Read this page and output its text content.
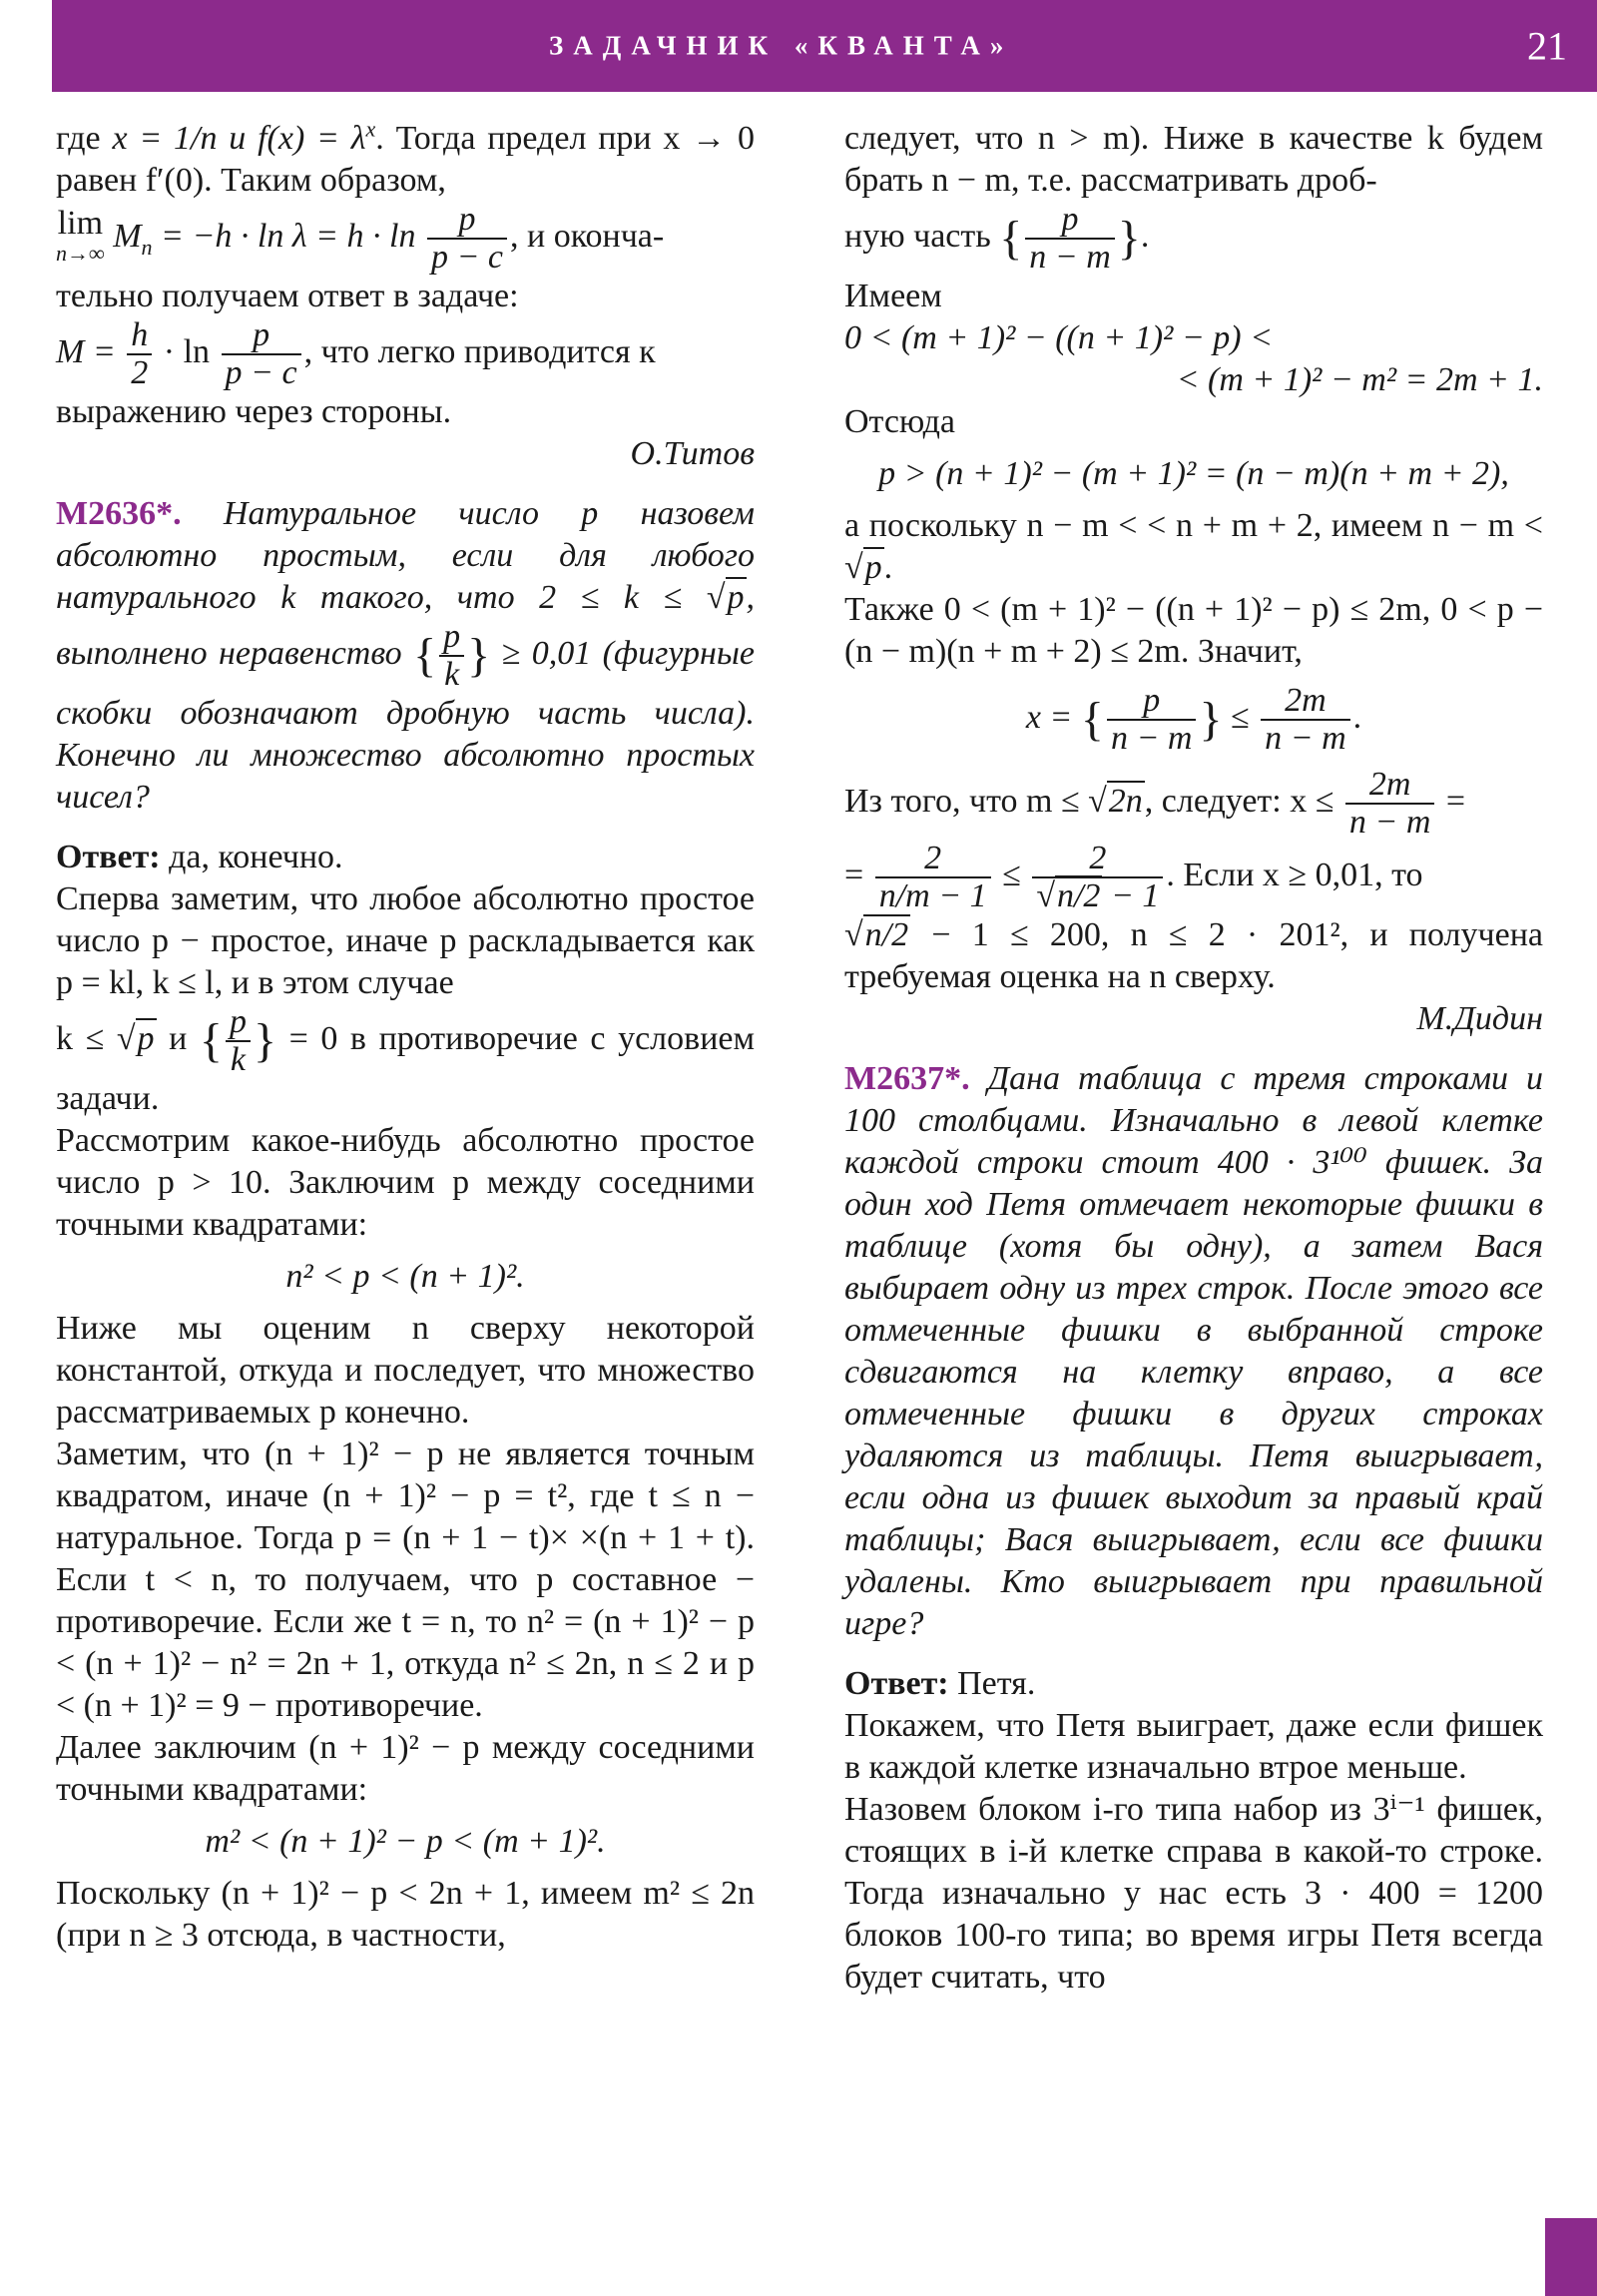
ЗАДАЧНИК «КВАНТА»	21

где x = 1/n и $f(x) = \lambda^x$. Тогда предел при x → 0 равен f′(0). Таким образом,

lim
n→∞ $M_n = -h \cdot \ln \lambda = h \cdot \ln \frac{p}{p - c}$ , и оконча-

тельно получаем ответ в задаче:

$M = \frac{h}{2} \cdot \ln \frac{p}{p - c}$ , что легко приводится к

выражению через стороны.

О.Титов

М2636*. Натуральное число p назовем абсолютно простым, если для любого натурального k такого, что 2 ≤ k ≤ √p, выполнено неравенство { $\frac{p}{k}$ } ≥ 0,01 (фигурные скобки обозначают дробную часть числа). Конечно ли множество абсолютно простых чисел?

Ответ: да, конечно.

Сперва заметим, что любое абсолютно простое число p − простое, иначе p раскладывается как p = kl, k ≤ l, и в этом случае

k ≤ √p и { $\frac{p}{k}$ } = 0 в противоречие с условием задачи.

Рассмотрим какое-нибудь абсолютно простое число p > 10. Заключим p между соседними точными квадратами:

n² < p < (n + 1)².

Ниже мы оценим n сверху некоторой константой, откуда и последует, что множество рассматриваемых p конечно.

Заметим, что (n + 1)² − p не является точным квадратом, иначе (n + 1)² − p = t², где t ≤ n − натуральное. Тогда p = (n + 1 − t)× ×(n + 1 + t). Если t < n, то получаем, что p составное − противоречие. Если же t = n, то n² = (n + 1)² − p < (n + 1)² − n² = 2n + 1, откуда n² ≤ 2n, n ≤ 2 и p < (n + 1)² = 9 − противоречие.

Далее заключим (n + 1)² − p между соседними точными квадратами:

m² < (n + 1)² − p < (m + 1)².

Поскольку (n + 1)² − p < 2n + 1, имеем m² ≤ 2n (при n ≥ 3 отсюда, в частности,

следует, что n > m). Ниже в качестве k будем брать n − m, т.е. рассматривать дроб-

ную часть { $\frac{p}{n - m}$ }.

Имеем

0 < (m + 1)² − ((n + 1)² − p) <

< (m + 1)² − m² = 2m + 1.

Отсюда

p > (n + 1)² − (m + 1)² = (n − m)(n + m + 2),

а поскольку n − m < < n + m + 2, имеем n − m < √p.

Также 0 < (m + 1)² − ((n + 1)² − p) ≤ 2m, 0 < p − (n − m)(n + m + 2) ≤ 2m. Значит,

x = { $\frac{p}{n - m}$ } ≤ $\frac{2m}{n - m}$ .

Из того, что m ≤ √2n, следует: $x \le \frac{2m}{n - m}$ =

= $\frac{2}{n/m - 1} \le \frac{2}{√n/2 - 1}$ . Если x ≥ 0,01, то

√n/2 − 1 ≤ 200, n ≤ 2 · 201², и получена требуемая оценка на n сверху.

М.Дидин

М2637*. Дана таблица с тремя строками и 100 столбцами. Изначально в левой клетке каждой строки стоит 400 · 3¹⁰⁰ фишек. За один ход Петя отмечает некоторые фишки в таблице (хотя бы одну), а затем Вася выбирает одну из трех строк. После этого все отмеченные фишки в выбранной строке сдвигаются на клетку вправо, а все отмеченные фишки в других строках удаляются из таблицы. Петя выигрывает, если одна из фишек выходит за правый край таблицы; Вася выигрывает, если все фишки удалены. Кто выигрывает при правильной игре?

Ответ: Петя.

Покажем, что Петя выиграет, даже если фишек в каждой клетке изначально втрое меньше.

Назовем блоком i-го типа набор из 3ⁱ⁻¹ фишек, стоящих в i-й клетке справа в какой-то строке. Тогда изначально у нас есть 3 · 400 = 1200 блоков 100-го типа; во время игры Петя всегда будет считать, что
